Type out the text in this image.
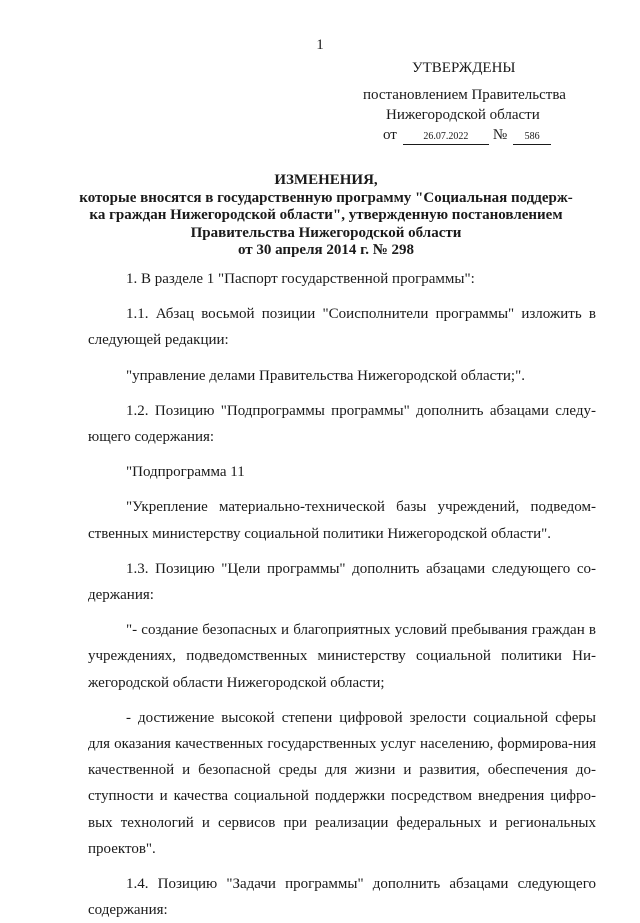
1
УТВЕРЖДЕНЫ
постановлением Правительства
Нижегородской области
от	26.07.2022 № 586
ИЗМЕНЕНИЯ,
которые вносятся в государственную программу "Социальная поддерж-
ка граждан Нижегородской области", утвержденную постановлением
Правительства Нижегородской области
от 30 апреля 2014 г. № 298

1. В разделе 1 "Паспорт государственной программы":

1.1. Абзац восьмой позиции "Соисполнители программы" изложить в следующей редакции:

"управление делами Правительства Нижегородской области;".

1.2. Позицию "Подпрограммы программы" дополнить абзацами следу-ющего содержания:

"Подпрограмма 11

"Укрепление материально-технической базы учреждений, подведом-ственных министерству социальной политики Нижегородской области".

1.3. Позицию "Цели программы" дополнить абзацами следующего со-держания:

"- создание безопасных и благоприятных условий пребывания граждан в учреждениях, подведомственных министерству социальной политики Ни-жегородской области Нижегородской области;

- достижение высокой степени цифровой зрелости социальной сферы для оказания качественных государственных услуг населению, формирова-ния качественной и безопасной среды для жизни и развития, обеспечения до-ступности и качества социальной поддержки посредством внедрения цифро-вых технологий и сервисов при реализации федеральных и региональных проектов".

1.4. Позицию "Задачи программы" дополнить абзацами следующего содержания:
